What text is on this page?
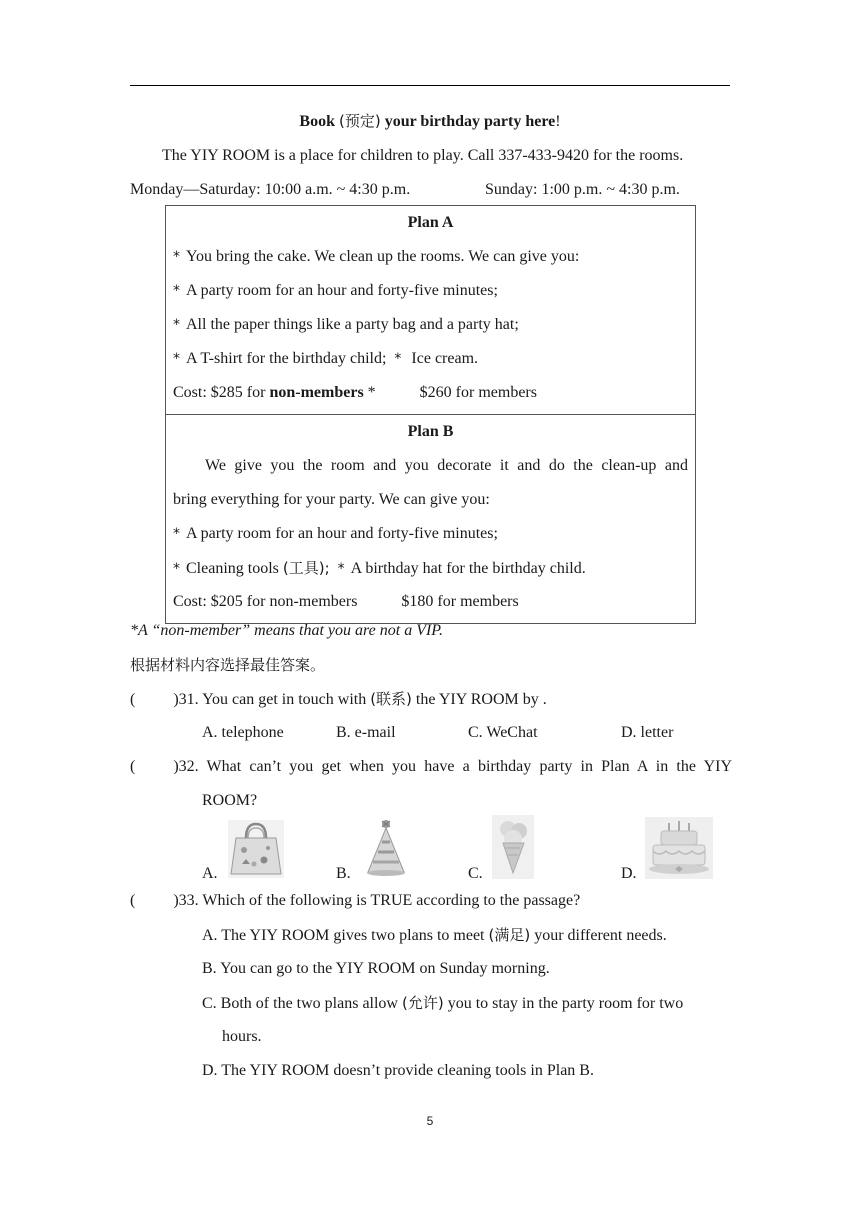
Book (预定) your birthday party here!
The YIY ROOM is a place for children to play. Call 337-433-9420 for the rooms.
Monday—Saturday: 10:00 a.m. ~ 4:30 p.m.	Sunday: 1:00 p.m. ~ 4:30 p.m.
Plan A
* You bring the cake. We clean up the rooms. We can give you:
* A party room for an hour and forty-five minutes;
* All the paper things like a party bag and a party hat;
* A T-shirt for the birthday child; * Ice cream.
Cost: $285 for non-members *	$260 for members

Plan B
We give you the room and you decorate it and do the clean-up and
bring everything for your party. We can give you:
* A party room for an hour and forty-five minutes;
* Cleaning tools (工具); * A birthday hat for the birthday child.
Cost: $205 for non-members	$180 for members
*A “non-member” means that you are not a VIP.
根据材料内容选择最佳答案。
( )31. You can get in touch with (联系) the YIY ROOM by .
A. telephone	B. e-mail	C. WeChat	D. letter
( )32. What can’t you get when you have a birthday party in Plan A in the YIY
ROOM?
A.	B.	C.	D.
( )33. Which of the following is TRUE according to the passage?
A. The YIY ROOM gives two plans to meet (满足) your different needs.
B. You can go to the YIY ROOM on Sunday morning.
C. Both of the two plans allow (允许) you to stay in the party room for two
hours.
D. The YIY ROOM doesn’t provide cleaning tools in Plan B.
5
